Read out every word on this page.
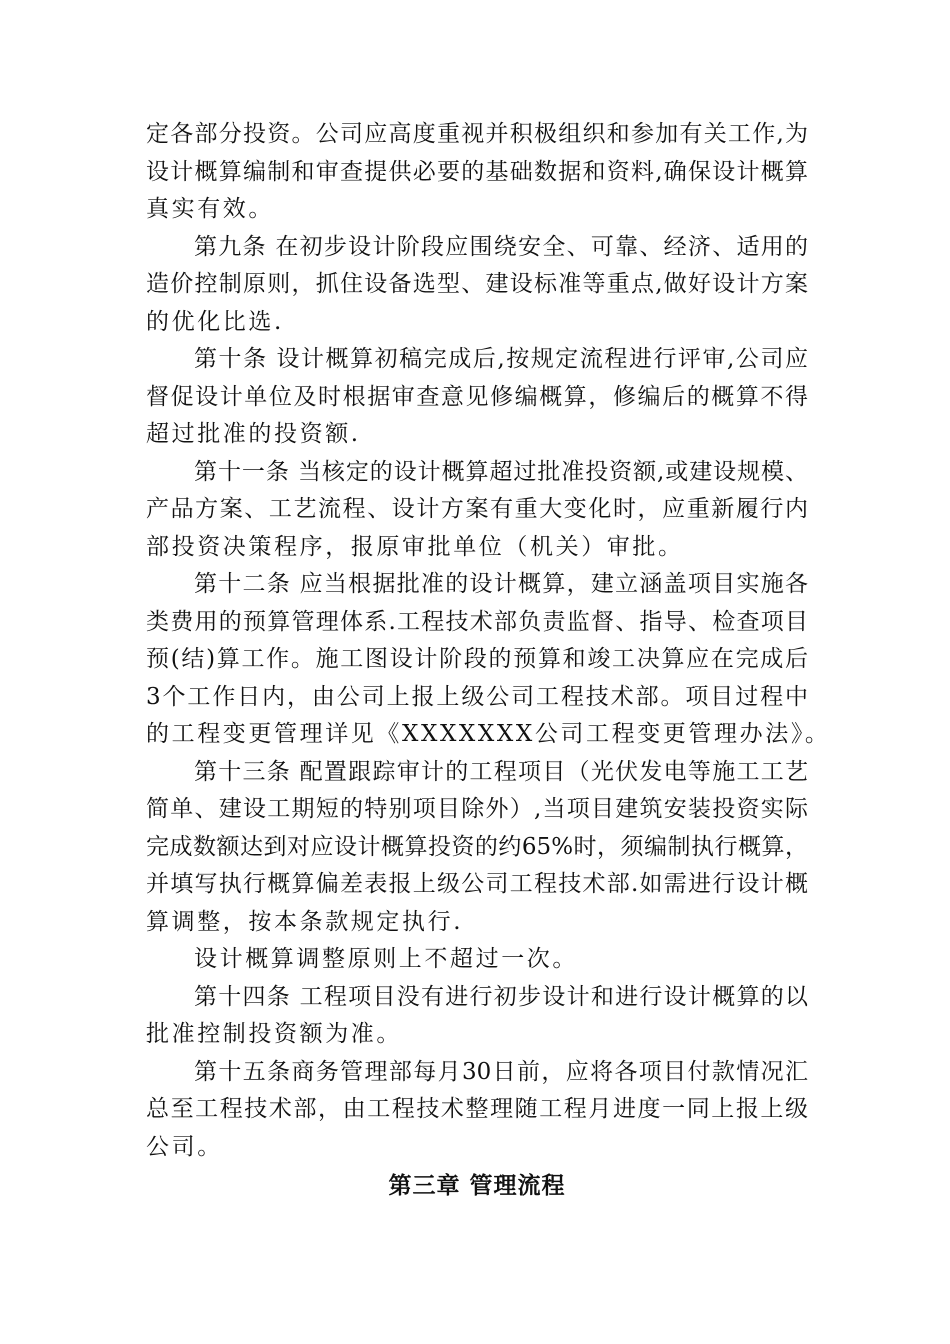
定各部分投资。公司应高度重视并积极组织和参加有关工作,为
设计概算编制和审查提供必要的基础数据和资料,确保设计概算
真实有效。
第九条 在初步设计阶段应围绕安全、可靠、经济、适用的
造价控制原则，抓住设备选型、建设标准等重点,做好设计方案
的优化比选.
第十条 设计概算初稿完成后,按规定流程进行评审,公司应
督促设计单位及时根据审查意见修编概算，修编后的概算不得
超过批准的投资额.
第十一条 当核定的设计概算超过批准投资额,或建设规模、
产品方案、工艺流程、设计方案有重大变化时，应重新履行内
部投资决策程序，报原审批单位（机关）审批。
第十二条 应当根据批准的设计概算，建立涵盖项目实施各
类费用的预算管理体系.工程技术部负责监督、指导、检查项目
预(结)算工作。施工图设计阶段的预算和竣工决算应在完成后
3个工作日内，由公司上报上级公司工程技术部。项目过程中
的工程变更管理详见《XXXXXXX公司工程变更管理办法》。
第十三条 配置跟踪审计的工程项目（光伏发电等施工工艺
简单、建设工期短的特别项目除外）,当项目建筑安装投资实际
完成数额达到对应设计概算投资的约65%时，须编制执行概算，
并填写执行概算偏差表报上级公司工程技术部.如需进行设计概
算调整，按本条款规定执行.
设计概算调整原则上不超过一次。
第十四条 工程项目没有进行初步设计和进行设计概算的以
批准控制投资额为准。
第十五条商务管理部每月30日前，应将各项目付款情况汇
总至工程技术部，由工程技术整理随工程月进度一同上报上级
公司。
第三章 管理流程
